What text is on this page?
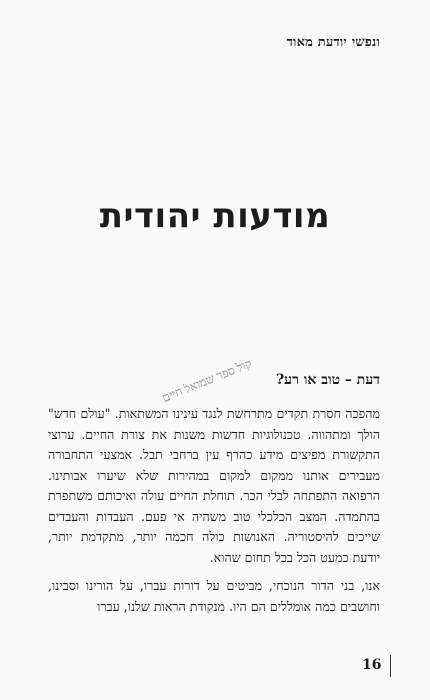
ונפשי יודעת מאוד
מודעות יהודית
דעת – טוב או רע?
קול ספר שמואל חיים

מהפכה חסרת תקדים מתרחשת לנגד עינינו המשתאות. "עולם חדש" הולך ומתהווה. טכנולוגיות חדשות משנות את צורת החיים. ערוצי התקשורת מפיצים מידע כהרף עין ברחבי תבל. אמצעי התחבורה מעבירים אותנו ממקום למקום במהירות שלא שיערו אבותינו. הרפואה התפתחה לבלי הכר. תוחלת החיים עולה ואיכותם משתפרת בהתמדה. המצב הכלכלי טוב משהיה אי פעם. העבדות והעבדים שייכים להיסטוריה. האנושות כולה חכמה יותר, מתקדמת יותר, יודעת כמעט הכל בכל תחום שהוא.

אנו, בני הדור הנוכחי, מביטים על דורות עברו, על הורינו וסבינו, וחושבים כמה אומללים הם היו. מנקודת הראות שלנו, עברו

16
